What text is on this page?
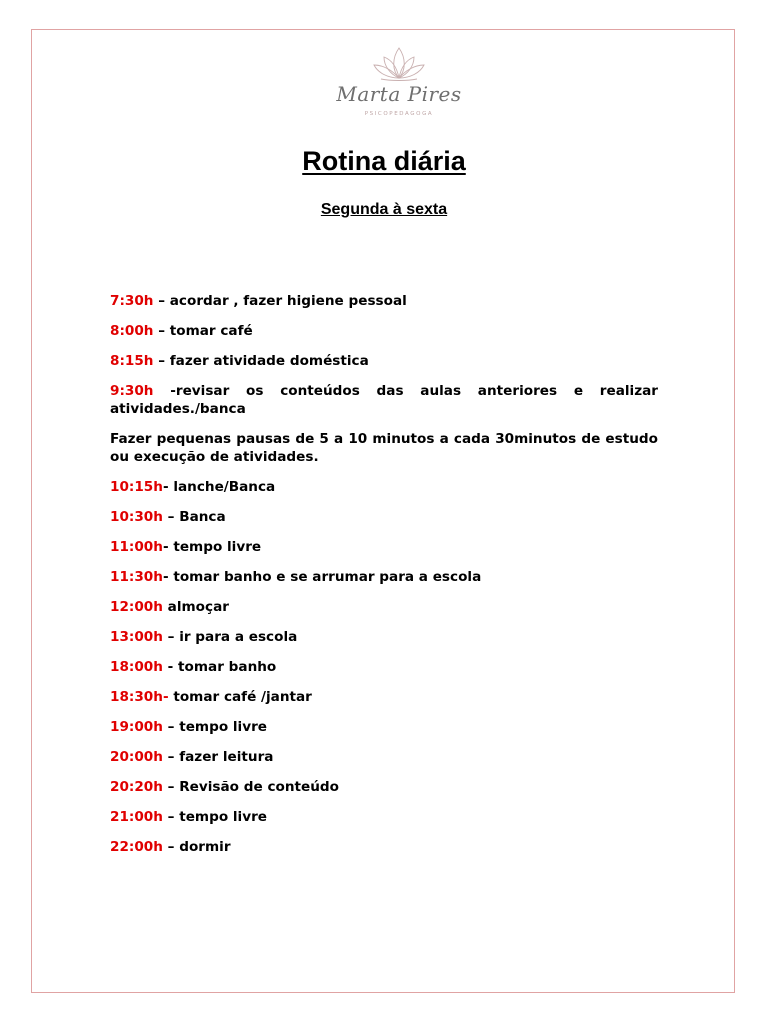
Marta Pires
PSICOPEDAGOGA
Rotina diária
Segunda à sexta
7:30h – acordar , fazer higiene pessoal
8:00h – tomar café
8:15h – fazer atividade doméstica
9:30h -revisar os conteúdos das aulas anteriores e realizar atividades./banca
Fazer pequenas pausas de 5 a 10 minutos a cada 30minutos de estudo ou execução de atividades.
10:15h- lanche/Banca
10:30h – Banca
11:00h- tempo livre
11:30h- tomar banho e se arrumar para a escola
12:00h almoçar
13:00h – ir para a escola
18:00h - tomar banho
18:30h- tomar café /jantar
19:00h – tempo livre
20:00h – fazer leitura
20:20h – Revisão de conteúdo
21:00h – tempo livre
22:00h – dormir
